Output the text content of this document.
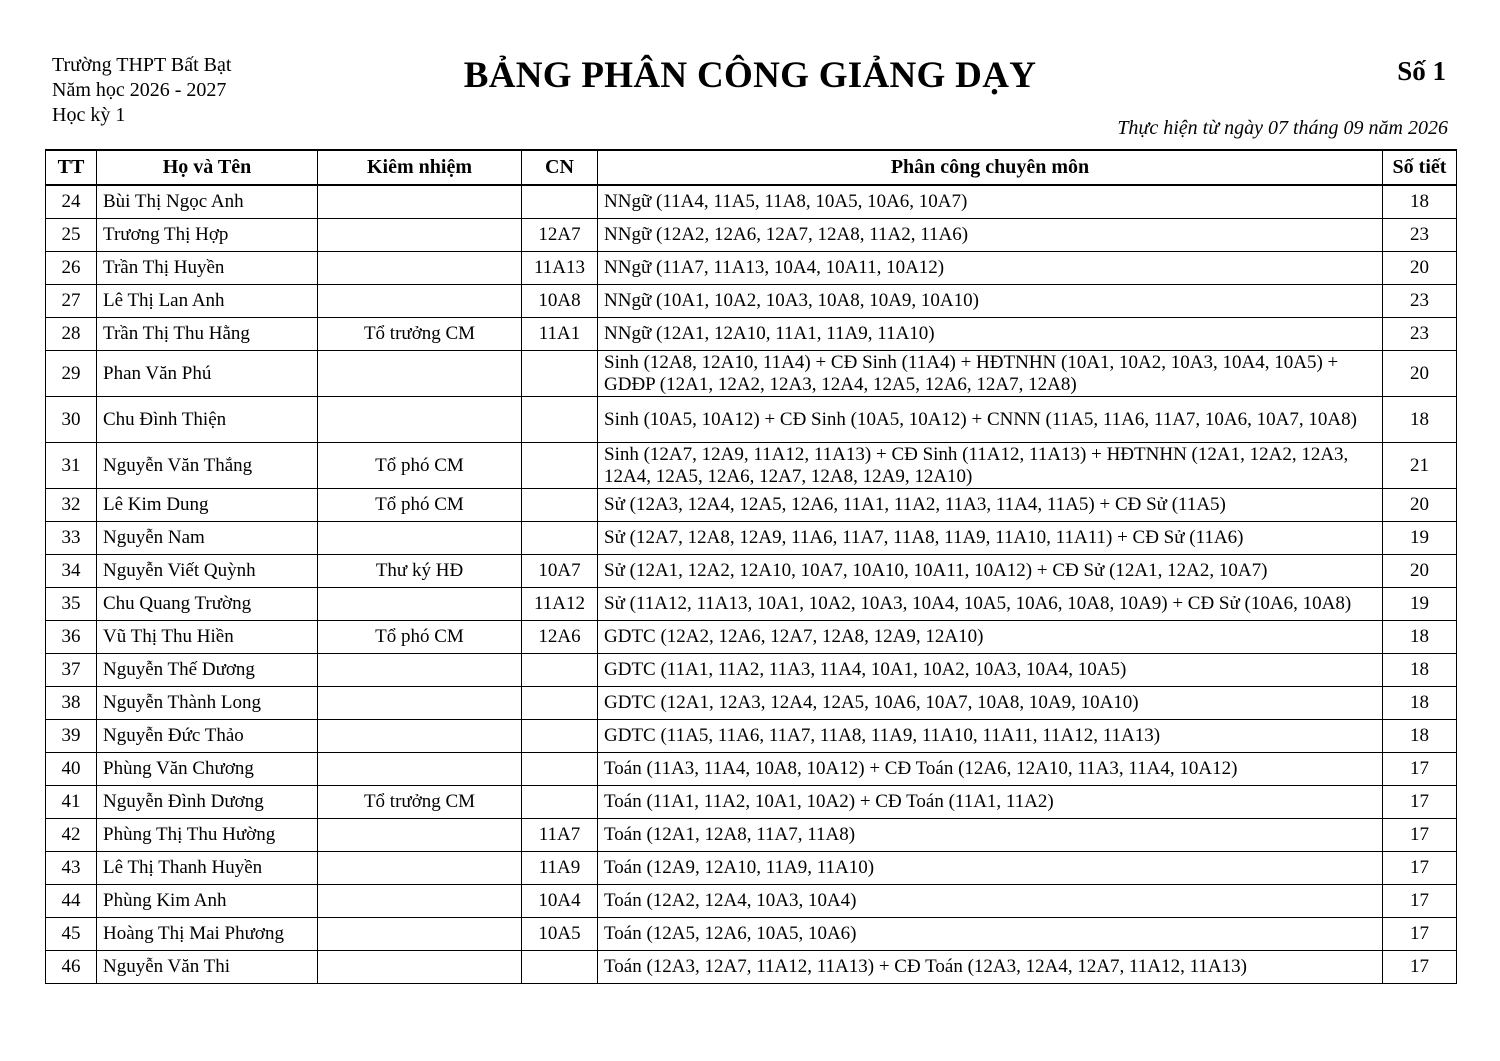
Trường THPT Bất Bạt
Năm học 2026 - 2027
Học kỳ 1
BẢNG PHÂN CÔNG GIẢNG DẠY	Số 1
Thực hiện từ ngày 07 tháng 09 năm 2026
TT	Họ và Tên	Kiêm nhiệm	CN	Phân công chuyên môn	Số tiết
24	Bùi Thị Ngọc Anh			NNgữ (11A4, 11A5, 11A8, 10A5, 10A6, 10A7)	18
25	Trương Thị Hợp		12A7	NNgữ (12A2, 12A6, 12A7, 12A8, 11A2, 11A6)	23
26	Trần Thị Huyền		11A13	NNgữ (11A7, 11A13, 10A4, 10A11, 10A12)	20
27	Lê Thị Lan Anh		10A8	NNgữ (10A1, 10A2, 10A3, 10A8, 10A9, 10A10)	23
28	Trần Thị Thu Hằng	Tổ trưởng CM	11A1	NNgữ (12A1, 12A10, 11A1, 11A9, 11A10)	23
29	Phan Văn Phú			Sinh (12A8, 12A10, 11A4) + CĐ Sinh (11A4) + HĐTNHN (10A1, 10A2, 10A3, 10A4, 10A5) + GDĐP (12A1, 12A2, 12A3, 12A4, 12A5, 12A6, 12A7, 12A8)	20
30	Chu Đình Thiện			Sinh (10A5, 10A12) + CĐ Sinh (10A5, 10A12) + CNNN (11A5, 11A6, 11A7, 10A6, 10A7, 10A8)	18
31	Nguyễn Văn Thắng	Tổ phó CM		Sinh (12A7, 12A9, 11A12, 11A13) + CĐ Sinh (11A12, 11A13) + HĐTNHN (12A1, 12A2, 12A3, 12A4, 12A5, 12A6, 12A7, 12A8, 12A9, 12A10)	21
32	Lê Kim Dung	Tổ phó CM		Sử (12A3, 12A4, 12A5, 12A6, 11A1, 11A2, 11A3, 11A4, 11A5) + CĐ Sử (11A5)	20
33	Nguyễn Nam			Sử (12A7, 12A8, 12A9, 11A6, 11A7, 11A8, 11A9, 11A10, 11A11) + CĐ Sử (11A6)	19
34	Nguyễn Viết Quỳnh	Thư ký HĐ	10A7	Sử (12A1, 12A2, 12A10, 10A7, 10A10, 10A11, 10A12) + CĐ Sử (12A1, 12A2, 10A7)	20
35	Chu Quang Trường		11A12	Sử (11A12, 11A13, 10A1, 10A2, 10A3, 10A4, 10A5, 10A6, 10A8, 10A9) + CĐ Sử (10A6, 10A8)	19
36	Vũ Thị Thu Hiền	Tổ phó CM	12A6	GDTC (12A2, 12A6, 12A7, 12A8, 12A9, 12A10)	18
37	Nguyễn Thế Dương			GDTC (11A1, 11A2, 11A3, 11A4, 10A1, 10A2, 10A3, 10A4, 10A5)	18
38	Nguyễn Thành Long			GDTC (12A1, 12A3, 12A4, 12A5, 10A6, 10A7, 10A8, 10A9, 10A10)	18
39	Nguyễn Đức Thảo			GDTC (11A5, 11A6, 11A7, 11A8, 11A9, 11A10, 11A11, 11A12, 11A13)	18
40	Phùng Văn Chương			Toán (11A3, 11A4, 10A8, 10A12) + CĐ Toán (12A6, 12A10, 11A3, 11A4, 10A12)	17
41	Nguyễn Đình Dương	Tổ trưởng CM		Toán (11A1, 11A2, 10A1, 10A2) + CĐ Toán (11A1, 11A2)	17
42	Phùng Thị Thu Hường		11A7	Toán (12A1, 12A8, 11A7, 11A8)	17
43	Lê Thị Thanh Huyền		11A9	Toán (12A9, 12A10, 11A9, 11A10)	17
44	Phùng Kim Anh		10A4	Toán (12A2, 12A4, 10A3, 10A4)	17
45	Hoàng Thị Mai Phương		10A5	Toán (12A5, 12A6, 10A5, 10A6)	17
46	Nguyễn Văn Thi			Toán (12A3, 12A7, 11A12, 11A13) + CĐ Toán (12A3, 12A4, 12A7, 11A12, 11A13)	17
